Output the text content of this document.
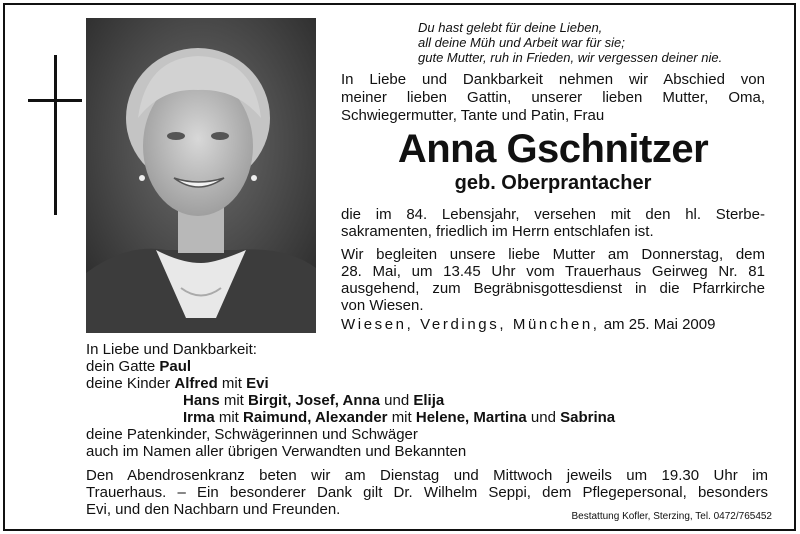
Du hast gelebt für deine Lieben,
all deine Müh und Arbeit war für sie;
gute Mutter, ruh in Frieden, wir vergessen deiner nie.
In Liebe und Dankbarkeit nehmen wir Abschied von
meiner lieben Gattin, unserer lieben Mutter, Oma,
Schwiegermutter, Tante und Patin, Frau
Anna Gschnitzer
geb. Oberprantacher
die im 84. Lebensjahr, versehen mit den hl. Sterbe-
sakramenten, friedlich im Herrn entschlafen ist.
Wir begleiten unsere liebe Mutter am Donnerstag, dem
28. Mai, um 13.45 Uhr vom Trauerhaus Geirweg Nr. 81
ausgehend, zum Begräbnisgottesdienst in die Pfarrkirche
von Wiesen.
Wiesen, Verdings, München, am 25. Mai 2009
In Liebe und Dankbarkeit:
dein Gatte Paul
deine Kinder Alfred mit Evi
Hans mit Birgit, Josef, Anna und Elija
Irma mit Raimund, Alexander mit Helene, Martina und Sabrina
deine Patenkinder, Schwägerinnen und Schwäger
auch im Namen aller übrigen Verwandten und Bekannten
Den Abendrosenkranz beten wir am Dienstag und Mittwoch jeweils um 19.30 Uhr im
Trauerhaus. – Ein besonderer Dank gilt Dr. Wilhelm Seppi, dem Pflegepersonal, besonders
Evi, und den Nachbarn und Freunden.	Bestattung Kofler, Sterzing, Tel. 0472/765452
